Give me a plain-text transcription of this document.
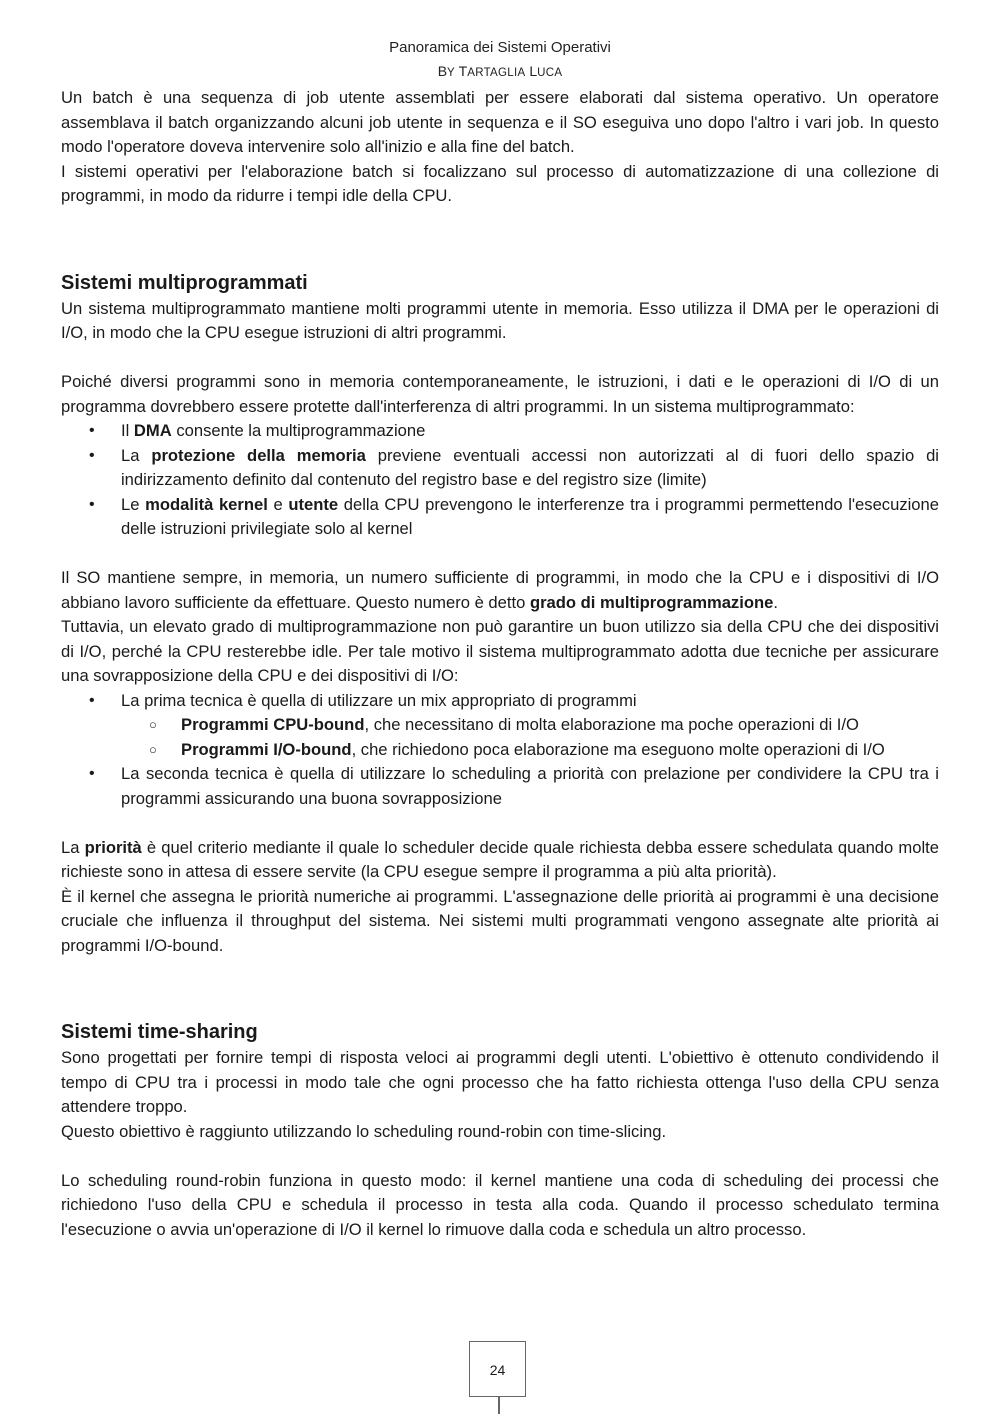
Panoramica dei Sistemi Operativi
BY TARTAGLIA LUCA

Un batch è una sequenza di job utente assemblati per essere elaborati dal sistema operativo. Un operatore assemblava il batch organizzando alcuni job utente in sequenza e il SO eseguiva uno dopo l'altro i vari job. In questo modo l'operatore doveva intervenire solo all'inizio e alla fine del batch.

I sistemi operativi per l'elaborazione batch si focalizzano sul processo di automatizzazione di una collezione di programmi, in modo da ridurre i tempi idle della CPU.

Sistemi multiprogrammati

Un sistema multiprogrammato mantiene molti programmi utente in memoria. Esso utilizza il DMA per le operazioni di I/O, in modo che la CPU esegue istruzioni di altri programmi.

Poiché diversi programmi sono in memoria contemporaneamente, le istruzioni, i dati e le operazioni di I/O di un programma dovrebbero essere protette dall'interferenza di altri programmi. In un sistema multiprogrammato:

• Il DMA consente la multiprogrammazione
• La protezione della memoria previene eventuali accessi non autorizzati al di fuori dello spazio di indirizzamento definito dal contenuto del registro base e del registro size (limite)
• Le modalità kernel e utente della CPU prevengono le interferenze tra i programmi permettendo l'esecuzione delle istruzioni privilegiate solo al kernel

Il SO mantiene sempre, in memoria, un numero sufficiente di programmi, in modo che la CPU e i dispositivi di I/O abbiano lavoro sufficiente da effettuare. Questo numero è detto grado di multiprogrammazione.

Tuttavia, un elevato grado di multiprogrammazione non può garantire un buon utilizzo sia della CPU che dei dispositivi di I/O, perché la CPU resterebbe idle. Per tale motivo il sistema multiprogrammato adotta due tecniche per assicurare una sovrapposizione della CPU e dei dispositivi di I/O:

• La prima tecnica è quella di utilizzare un mix appropriato di programmi
○ Programmi CPU-bound, che necessitano di molta elaborazione ma poche operazioni di I/O
○ Programmi I/O-bound, che richiedono poca elaborazione ma eseguono molte operazioni di I/O
• La seconda tecnica è quella di utilizzare lo scheduling a priorità con prelazione per condividere la CPU tra i programmi assicurando una buona sovrapposizione

La priorità è quel criterio mediante il quale lo scheduler decide quale richiesta debba essere schedulata quando molte richieste sono in attesa di essere servite (la CPU esegue sempre il programma a più alta priorità).

È il kernel che assegna le priorità numeriche ai programmi. L'assegnazione delle priorità ai programmi è una decisione cruciale che influenza il throughput del sistema. Nei sistemi multi programmati vengono assegnate alte priorità ai programmi I/O-bound.

Sistemi time-sharing

Sono progettati per fornire tempi di risposta veloci ai programmi degli utenti. L'obiettivo è ottenuto condividendo il tempo di CPU tra i processi in modo tale che ogni processo che ha fatto richiesta ottenga l'uso della CPU senza attendere troppo.

Questo obiettivo è raggiunto utilizzando lo scheduling round-robin con time-slicing.

Lo scheduling round-robin funziona in questo modo: il kernel mantiene una coda di scheduling dei processi che richiedono l'uso della CPU e schedula il processo in testa alla coda. Quando il processo schedulato termina l'esecuzione o avvia un'operazione di I/O il kernel lo rimuove dalla coda e schedula un altro processo.

24
